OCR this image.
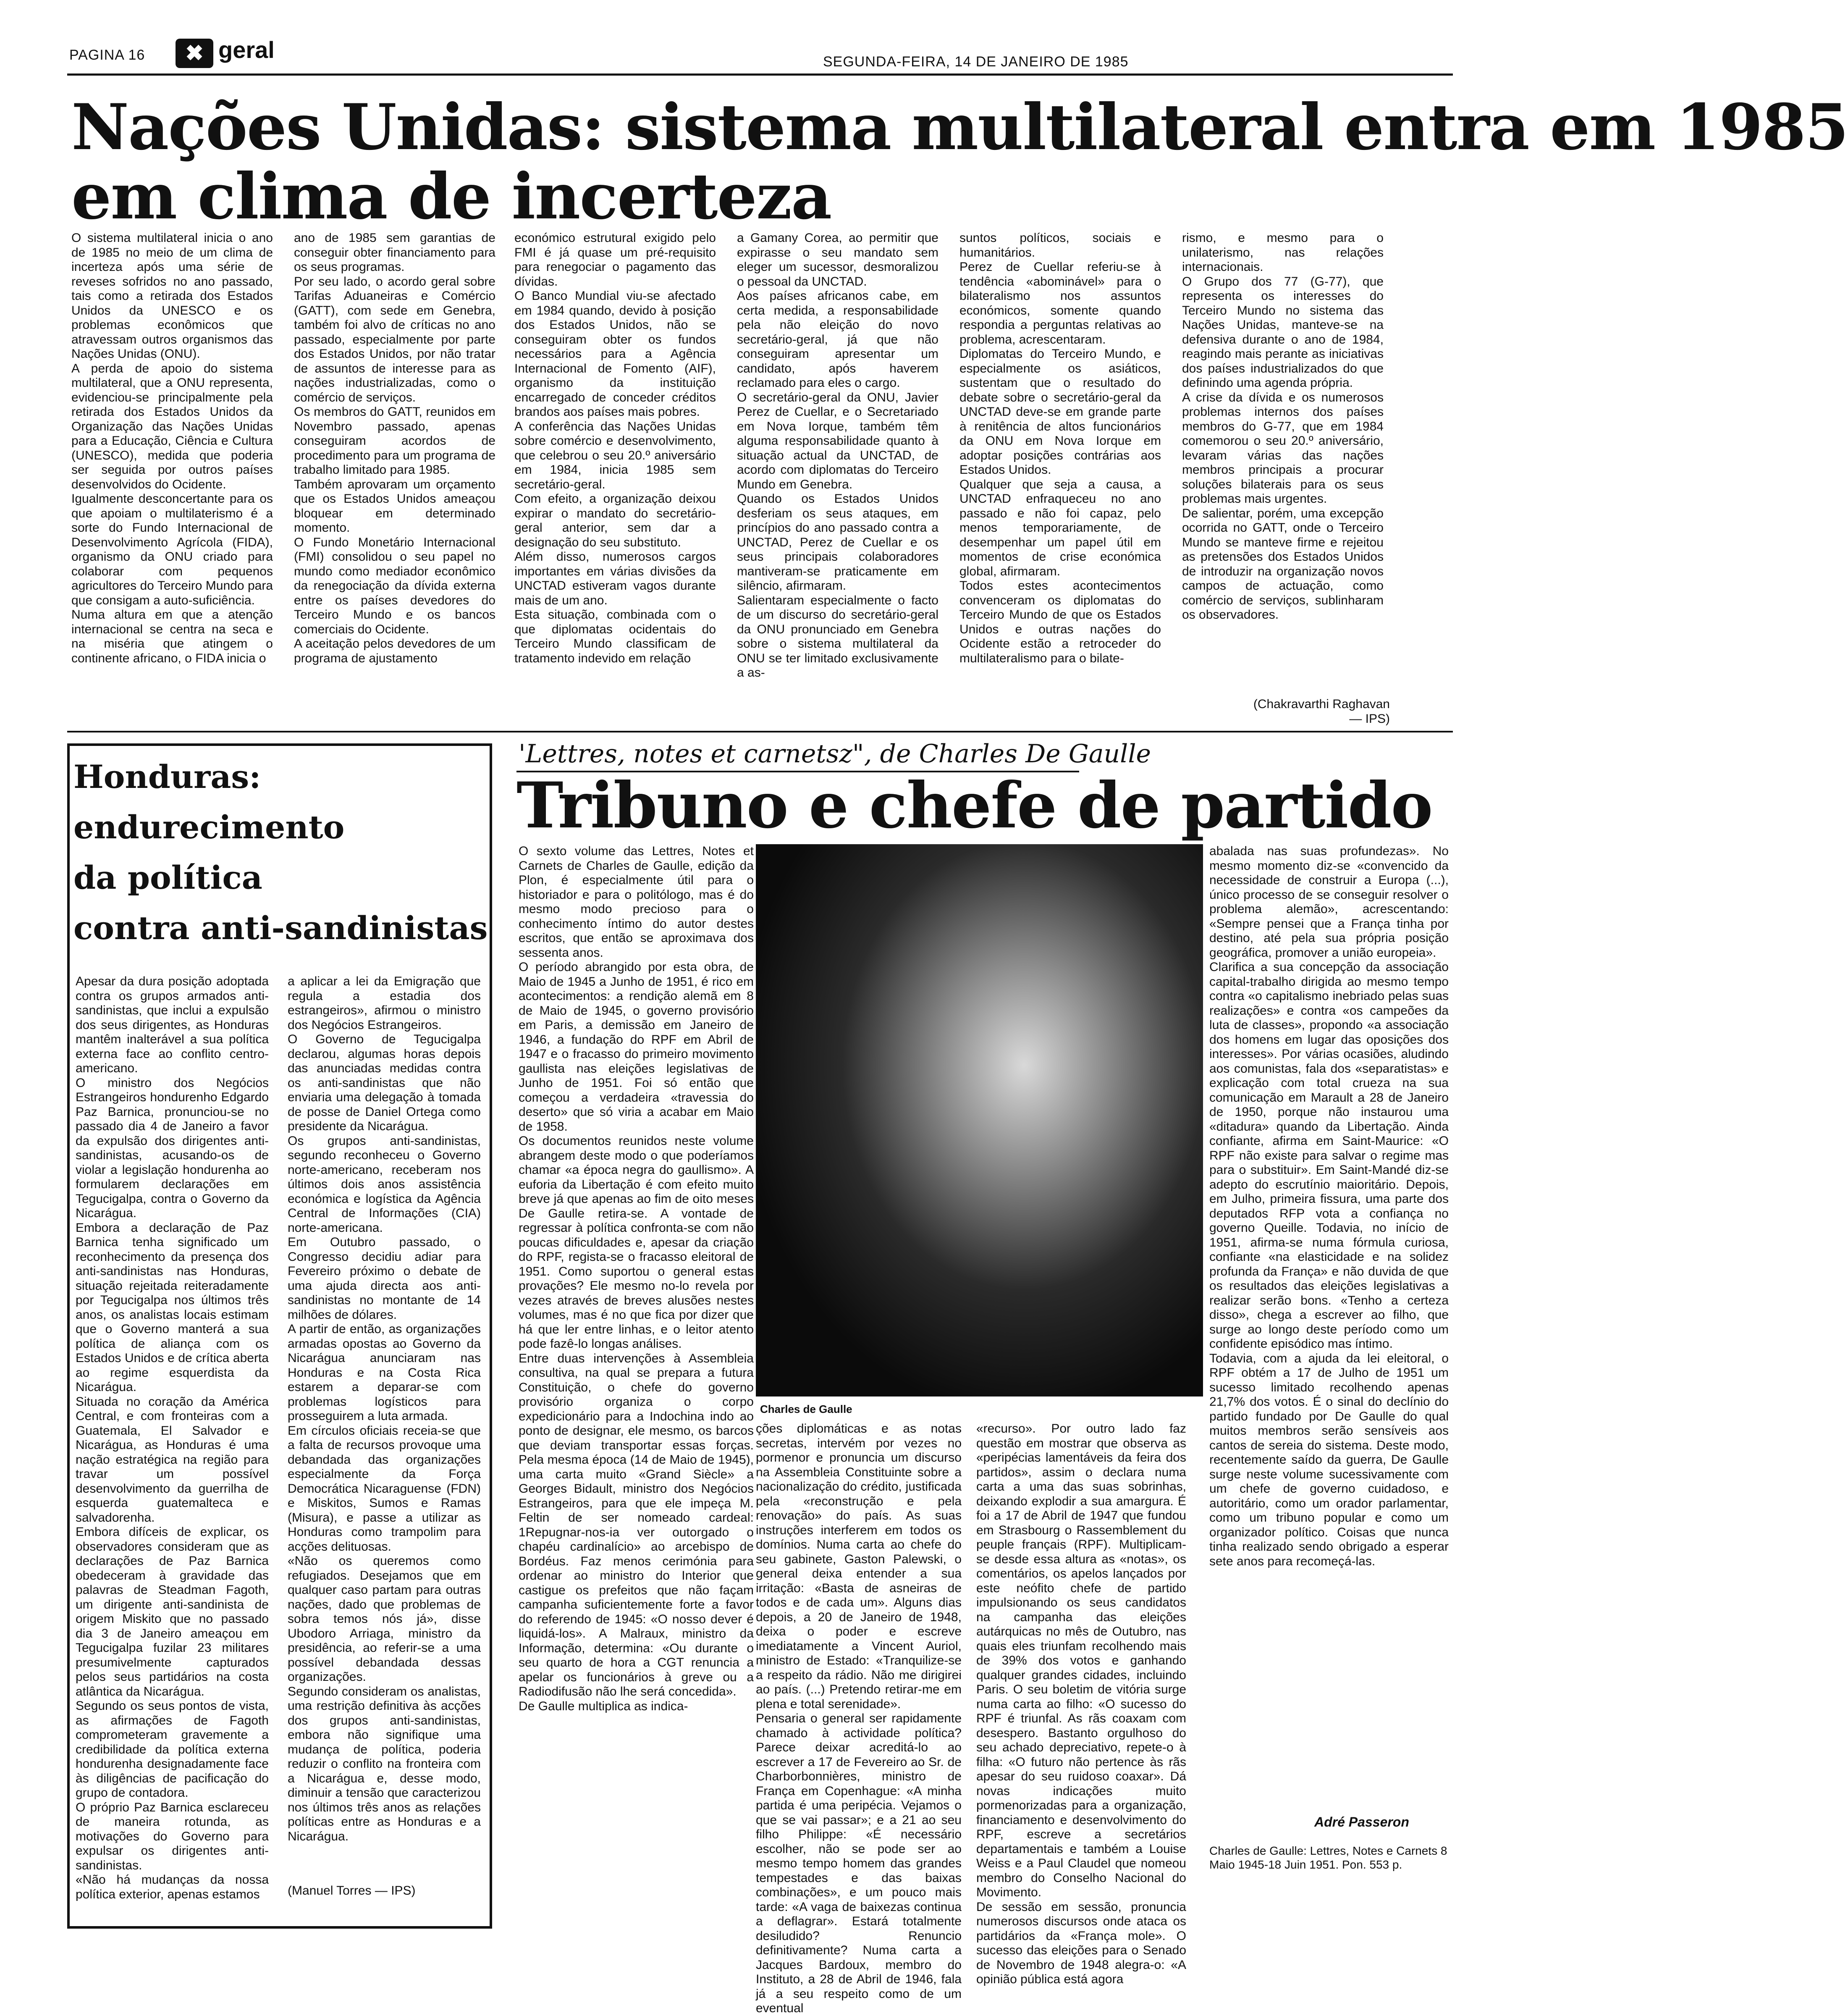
PAGINA 16	✖ geral	SEGUNDA-FEIRA, 14 DE JANEIRO DE 1985
Nações Unidas: sistema multilateral entra em 1985
em clima de incerteza
O sistema multilateral inicia o ano de 1985 no meio de um clima de incerteza após uma série de reveses sofridos no ano passado, tais como a retirada dos Estados Unidos da UNESCO e os problemas econômicos que atravessam outros organismos das Nações Unidas (ONU).
A perda de apoio do sistema multilateral, que a ONU representa, evidenciou-se principalmente pela retirada dos Estados Unidos da Organização das Nações Unidas para a Educação, Ciência e Cultura (UNESCO), medida que poderia ser seguida por outros países desenvolvidos do Ocidente.
Igualmente desconcertante para os que apoiam o multilaterismo é a sorte do Fundo Internacional de Desenvolvimento Agrícola (FIDA), organismo da ONU criado para colaborar com pequenos agricultores do Terceiro Mundo para que consigam a auto-suficiência.
Numa altura em que a atenção internacional se centra na seca e na miséria que atingem o continente africano, o FIDA inicia o
ano de 1985 sem garantias de conseguir obter financiamento para os seus programas.
Por seu lado, o acordo geral sobre Tarifas Aduaneiras e Comércio (GATT), com sede em Genebra, também foi alvo de críticas no ano passado, especialmente por parte dos Estados Unidos, por não tratar de assuntos de interesse para as nações industrializadas, como o comércio de serviços.
Os membros do GATT, reunidos em Novembro passado, apenas conseguiram acordos de procedimento para um programa de trabalho limitado para 1985.
Também aprovaram um orçamento que os Estados Unidos ameaçou bloquear em determinado momento.
O Fundo Monetário Internacional (FMI) consolidou o seu papel no mundo como mediador econômico da renegociação da dívida externa entre os países devedores do Terceiro Mundo e os bancos comerciais do Ocidente.
A aceitação pelos devedores de um programa de ajustamento
económico estrutural exigido pelo FMI é já quase um pré-requisito para renegociar o pagamento das dívidas.
O Banco Mundial viu-se afectado em 1984 quando, devido à posição dos Estados Unidos, não se conseguiram obter os fundos necessários para a Agência Internacional de Fomento (AIF), organismo da instituição encarregado de conceder créditos brandos aos países mais pobres.
A conferência das Nações Unidas sobre comércio e desenvolvimento, que celebrou o seu 20.º aniversário em 1984, inicia 1985 sem secretário-geral.
Com efeito, a organização deixou expirar o mandato do secretário-geral anterior, sem dar a designação do seu substituto.
Além disso, numerosos cargos importantes em várias divisões da UNCTAD estiveram vagos durante mais de um ano.
Esta situação, combinada com o que diplomatas ocidentais do Terceiro Mundo classificam de tratamento indevido em relação
a Gamany Corea, ao permitir que expirasse o seu mandato sem eleger um sucessor, desmoralizou o pessoal da UNCTAD.
Aos países africanos cabe, em certa medida, a responsabilidade pela não eleição do novo secretário-geral, já que não conseguiram apresentar um candidato, após haverem reclamado para eles o cargo.
O secretário-geral da ONU, Javier Perez de Cuellar, e o Secretariado em Nova Iorque, também têm alguma responsabilidade quanto à situação actual da UNCTAD, de acordo com diplomatas do Terceiro Mundo em Genebra.
Quando os Estados Unidos desferiam os seus ataques, em princípios do ano passado contra a UNCTAD, Perez de Cuellar e os seus principais colaboradores mantiveram-se praticamente em silêncio, afirmaram.
Salientaram especialmente o facto de um discurso do secretário-geral da ONU pronunciado em Genebra sobre o sistema multilateral da ONU se ter limitado exclusivamente a as-
suntos políticos, sociais e humanitários.
Perez de Cuellar referiu-se à tendência «abominável» para o bilateralismo nos assuntos económicos, somente quando respondia a perguntas relativas ao problema, acrescentaram.
Diplomatas do Terceiro Mundo, e especialmente os asiáticos, sustentam que o resultado do debate sobre o secretário-geral da UNCTAD deve-se em grande parte à renitência de altos funcionários da ONU em Nova Iorque em adoptar posições contrárias aos Estados Unidos.
Qualquer que seja a causa, a UNCTAD enfraqueceu no ano passado e não foi capaz, pelo menos temporariamente, de desempenhar um papel útil em momentos de crise económica global, afirmaram.
Todos estes acontecimentos convenceram os diplomatas do Terceiro Mundo de que os Estados Unidos e outras nações do Ocidente estão a retroceder do multilateralismo para o bilate-
rismo, e mesmo para o unilaterismo, nas relações internacionais.
O Grupo dos 77 (G-77), que representa os interesses do Terceiro Mundo no sistema das Nações Unidas, manteve-se na defensiva durante o ano de 1984, reagindo mais perante as iniciativas dos países industrializados do que definindo uma agenda própria.
A crise da dívida e os numerosos problemas internos dos países membros do G-77, que em 1984 comemorou o seu 20.º aniversário, levaram várias das nações membros principais a procurar soluções bilaterais para os seus problemas mais urgentes.
De salientar, porém, uma excepção ocorrida no GATT, onde o Terceiro Mundo se manteve firme e rejeitou as pretensões dos Estados Unidos de introduzir na organização novos campos de actuação, como comércio de serviços, sublinharam os observadores.
(Chakravarthi Raghavan — IPS)
Honduras:
endurecimento
da política
contra anti-sandinistas
Apesar da dura posição adoptada contra os grupos armados anti-sandinistas, que inclui a expulsão dos seus dirigentes, as Honduras mantêm inalterável a sua política externa face ao conflito centro-americano.
O ministro dos Negócios Estrangeiros hondurenho Edgardo Paz Barnica, pronunciou-se no passado dia 4 de Janeiro a favor da expulsão dos dirigentes anti-sandinistas, acusando-os de violar a legislação hondurenha ao formularem declarações em Tegucigalpa, contra o Governo da Nicarágua.
Embora a declaração de Paz Barnica tenha significado um reconhecimento da presença dos anti-sandinistas nas Honduras, situação rejeitada reiteradamente por Tegucigalpa nos últimos três anos, os analistas locais estimam que o Governo manterá a sua política de aliança com os Estados Unidos e de crítica aberta ao regime esquerdista da Nicarágua.
Situada no coração da América Central, e com fronteiras com a Guatemala, El Salvador e Nicarágua, as Honduras é uma nação estratégica na região para travar um possível desenvolvimento da guerrilha de esquerda guatemalteca e salvadorenha.
Embora difíceis de explicar, os observadores consideram que as declarações de Paz Barnica obedeceram à gravidade das palavras de Steadman Fagoth, um dirigente anti-sandinista de origem Miskito que no passado dia 3 de Janeiro ameaçou em Tegucigalpa fuzilar 23 militares presumivelmente capturados pelos seus partidários na costa atlântica da Nicarágua.
Segundo os seus pontos de vista, as afirmações de Fagoth comprometeram gravemente a credibilidade da política externa hondurenha designadamente face às diligências de pacificação do grupo de contadora.
O próprio Paz Barnica esclareceu de maneira rotunda, as motivações do Governo para expulsar os dirigentes anti-sandinistas.
«Não há mudanças da nossa política exterior, apenas estamos
a aplicar a lei da Emigração que regula a estadia dos estrangeiros», afirmou o ministro dos Negócios Estrangeiros.
O Governo de Tegucigalpa declarou, algumas horas depois das anunciadas medidas contra os anti-sandinistas que não enviaria uma delegação à tomada de posse de Daniel Ortega como presidente da Nicarágua.
Os grupos anti-sandinistas, segundo reconheceu o Governo norte-americano, receberam nos últimos dois anos assistência económica e logística da Agência Central de Informações (CIA) norte-americana.
Em Outubro passado, o Congresso decidiu adiar para Fevereiro próximo o debate de uma ajuda directa aos anti-sandinistas no montante de 14 milhões de dólares.
A partir de então, as organizações armadas opostas ao Governo da Nicarágua anunciaram nas Honduras e na Costa Rica estarem a deparar-se com problemas logísticos para prosseguirem a luta armada.
Em círculos oficiais receia-se que a falta de recursos provoque uma debandada das organizações especialmente da Força Democrática Nicaraguense (FDN) e Miskitos, Sumos e Ramas (Misura), e passe a utilizar as Honduras como trampolim para acções delituosas.
«Não os queremos como refugiados. Desejamos que em qualquer caso partam para outras nações, dado que problemas de sobra temos nós já», disse Ubodoro Arriaga, ministro da presidência, ao referir-se a uma possível debandada dessas organizações.
Segundo consideram os analistas, uma restrição definitiva às acções dos grupos anti-sandinistas, embora não signifique uma mudança de política, poderia reduzir o conflito na fronteira com a Nicarágua e, desse modo, diminuir a tensão que caracterizou nos últimos três anos as relações políticas entre as Honduras e a Nicarágua.
(Manuel Torres — IPS)
'Lettres, notes et carnetsz", de Charles De Gaulle
Tribuno e chefe de partido
O sexto volume das Lettres, Notes et Carnets de Charles de Gaulle, edição da Plon, é especialmente útil para o historiador e para o politólogo, mas é do mesmo modo precioso para o conhecimento íntimo do autor destes escritos, que então se aproximava dos sessenta anos.
O período abrangido por esta obra, de Maio de 1945 a Junho de 1951, é rico em acontecimentos: a rendição alemã em 8 de Maio de 1945, o governo provisório em Paris, a demissão em Janeiro de 1946, a fundação do RPF em Abril de 1947 e o fracasso do primeiro movimento gaullista nas eleições legislativas de Junho de 1951. Foi só então que começou a verdadeira «travessia do deserto» que só viria a acabar em Maio de 1958.
Os documentos reunidos neste volume abrangem deste modo o que poderíamos chamar «a época negra do gaullismo». A euforia da Libertação é com efeito muito breve já que apenas ao fim de oito meses De Gaulle retira-se. A vontade de regressar à política confronta-se com não poucas dificuldades e, apesar da criação do RPF, regista-se o fracasso eleitoral de 1951. Como suportou o general estas provações? Ele mesmo no-lo revela por vezes através de breves alusões nestes volumes, mas é no que fica por dizer que há que ler entre linhas, e o leitor atento pode fazê-lo longas análises.
Entre duas intervenções à Assembleia consultiva, na qual se prepara a futura Constituição, o chefe do governo provisório organiza o corpo expedicionário para a Indochina indo ao ponto de designar, ele mesmo, os barcos que deviam transportar essas forças. Pela mesma época (14 de Maio de 1945), uma carta muito «Grand Siècle» a Georges Bidault, ministro dos Negócios Estrangeiros, para que ele impeça M. Feltin de ser nomeado cardeal: 1Repugnar-nos-ia ver outorgado o chapéu cardinalício» ao arcebispo de Bordéus. Faz menos cerimónia para ordenar ao ministro do Interior que castigue os prefeitos que não façam campanha suficientemente forte a favor do referendo de 1945: «O nosso dever é liquidá-los». A Malraux, ministro da Informação, determina: «Ou durante o seu quarto de hora a CGT renuncia a apelar os funcionários à greve ou a Radiodifusão não lhe será concedida».
De Gaulle multiplica as indica-
Charles de Gaulle
ções diplomáticas e as notas secretas, intervém por vezes no pormenor e pronuncia um discurso na Assembleia Constituinte sobre a nacionalização do crédito, justificada pela «reconstrução e pela renovação» do país. As suas instruções interferem em todos os domínios. Numa carta ao chefe do seu gabinete, Gaston Palewski, o general deixa entender a sua irritação: «Basta de asneiras de todos e de cada um». Alguns dias depois, a 20 de Janeiro de 1948, deixa o poder e escreve imediatamente a Vincent Auriol, ministro de Estado: «Tranquilize-se a respeito da rádio. Não me dirigirei ao país. (...) Pretendo retirar-me em plena e total serenidade».
Pensaria o general ser rapidamente chamado à actividade política? Parece deixar acreditá-lo ao escrever a 17 de Fevereiro ao Sr. de Charborbonnières, ministro de França em Copenhague: «A minha partida é uma peripécia. Vejamos o que se vai passar»; e a 21 ao seu filho Philippe: «É necessário escolher, não se pode ser ao mesmo tempo homem das grandes tempestades e das baixas combinações», e um pouco mais tarde: «A vaga de baixezas continua a deflagrar». Estará totalmente desiludido? Renuncio definitivamente? Numa carta a Jacques Bardoux, membro do Instituto, a 28 de Abril de 1946, fala já a seu respeito como de um eventual
«recurso». Por outro lado faz questão em mostrar que observa as «peripécias lamentáveis da feira dos partidos», assim o declara numa carta a uma das suas sobrinhas, deixando explodir a sua amargura. É foi a 17 de Abril de 1947 que fundou em Strasbourg o Rassemblement du peuple français (RPF). Multiplicam-se desde essa altura as «notas», os comentários, os apelos lançados por este neófito chefe de partido impulsionando os seus candidatos na campanha das eleições autárquicas no mês de Outubro, nas quais eles triunfam recolhendo mais de 39% dos votos e ganhando qualquer grandes cidades, incluindo Paris. O seu boletim de vitória surge numa carta ao filho: «O sucesso do RPF é triunfal. As rãs coaxam com desespero. Bastanto orgulhoso do seu achado depreciativo, repete-o à filha: «O futuro não pertence às rãs apesar do seu ruidoso coaxar». Dá novas indicações muito pormenorizadas para a organização, financiamento e desenvolvimento do RPF, escreve a secretários departamentais e também a Louise Weiss e a Paul Claudel que nomeou membro do Conselho Nacional do Movimento.
De sessão em sessão, pronuncia numerosos discursos onde ataca os partidários da «França mole». O sucesso das eleições para o Senado de Novembro de 1948 alegra-o: «A opinião pública está agora
abalada nas suas profundezas». No mesmo momento diz-se «convencido da necessidade de construir a Europa (...), único processo de se conseguir resolver o problema alemão», acrescentando: «Sempre pensei que a França tinha por destino, até pela sua própria posição geográfica, promover a união europeia».
Clarifica a sua concepção da associação capital-trabalho dirigida ao mesmo tempo contra «o capitalismo inebriado pelas suas realizações» e contra «os campeões da luta de classes», propondo «a associação dos homens em lugar das oposições dos interesses». Por várias ocasiões, aludindo aos comunistas, fala dos «separatistas» e explicação com total crueza na sua comunicação em Marault a 28 de Janeiro de 1950, porque não instaurou uma «ditadura» quando da Libertação. Ainda confiante, afirma em Saint-Maurice: «O RPF não existe para salvar o regime mas para o substituir». Em Saint-Mandé diz-se adepto do escrutínio maioritário. Depois, em Julho, primeira fissura, uma parte dos deputados RFP vota a confiança no governo Queille. Todavia, no início de 1951, afirma-se numa fórmula curiosa, confiante «na elasticidade e na solidez profunda da França» e não duvida de que os resultados das eleições legislativas a realizar serão bons. «Tenho a certeza disso», chega a escrever ao filho, que surge ao longo deste período como um confidente episódico mas íntimo.
Todavia, com a ajuda da lei eleitoral, o RPF obtém a 17 de Julho de 1951 um sucesso limitado recolhendo apenas 21,7% dos votos. É o sinal do declínio do partido fundado por De Gaulle do qual muitos membros serão sensíveis aos cantos de sereia do sistema. Deste modo, recentemente saído da guerra, De Gaulle surge neste volume sucessivamente com um chefe de governo cuidadoso, e autoritário, como um orador parlamentar, como um tribuno popular e como um organizador político. Coisas que nunca tinha realizado sendo obrigado a esperar sete anos para recomeçá-las.
Adré Passeron
Charles de Gaulle: Lettres, Notes e Carnets 8 Maio 1945-18 Juin 1951. Pon. 553 p.
